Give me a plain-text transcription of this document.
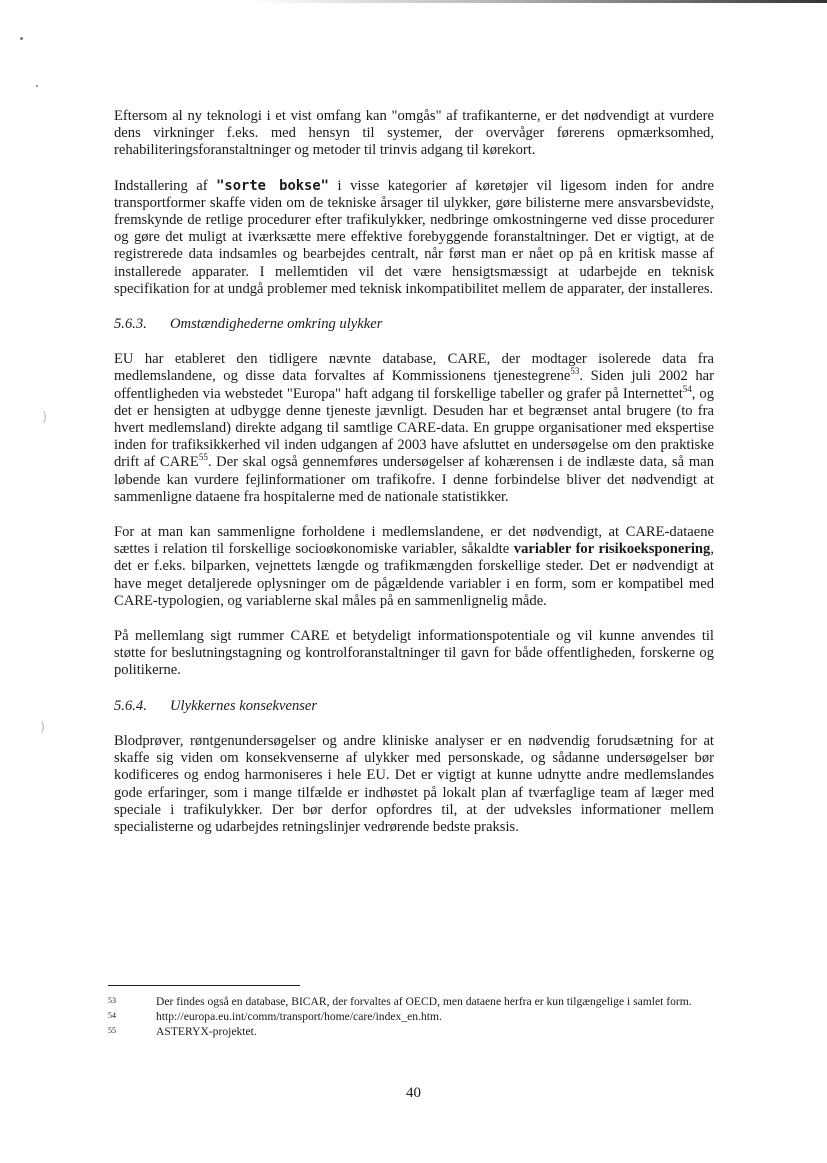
)
)

Eftersom al ny teknologi i et vist omfang kan "omgås" af trafikanterne, er det nødvendigt at vurdere dens virkninger f.eks. med hensyn til systemer, der overvåger førerens opmærksomhed, rehabiliteringsforanstaltninger og metoder til trinvis adgang til kørekort.

Indstallering af "sorte bokse" i visse kategorier af køretøjer vil ligesom inden for andre transportformer skaffe viden om de tekniske årsager til ulykker, gøre bilisterne mere ansvarsbevidste, fremskynde de retlige procedurer efter trafikulykker, nedbringe omkostningerne ved disse procedurer og gøre det muligt at iværksætte mere effektive forebyggende foranstaltninger. Det er vigtigt, at de registrerede data indsamles og bearbejdes centralt, når først man er nået op på en kritisk masse af installerede apparater. I mellemtiden vil det være hensigtsmæssigt at udarbejde en teknisk specifikation for at undgå problemer med teknisk inkompatibilitet mellem de apparater, der installeres.

5.6.3. Omstændighederne omkring ulykker

EU har etableret den tidligere nævnte database, CARE, der modtager isolerede data fra medlemslandene, og disse data forvaltes af Kommissionens tjenestegrene$^{53}$. Siden juli 2002 har offentligheden via webstedet "Europa" haft adgang til forskellige tabeller og grafer på Internettet$^{54}$, og det er hensigten at udbygge denne tjeneste jævnligt. Desuden har et begrænset antal brugere (to fra hvert medlemsland) direkte adgang til samtlige CARE-data. En gruppe organisationer med ekspertise inden for trafiksikkerhed vil inden udgangen af 2003 have afsluttet en undersøgelse om den praktiske drift af CARE$^{55}$. Der skal også gennemføres undersøgelser af kohærensen i de indlæste data, så man løbende kan vurdere fejlinformationer om trafikofre. I denne forbindelse bliver det nødvendigt at sammenligne dataene fra hospitalerne med de nationale statistikker.

For at man kan sammenligne forholdene i medlemslandene, er det nødvendigt, at CARE-dataene sættes i relation til forskellige socioøkonomiske variabler, såkaldte variabler for risikoeksponering, det er f.eks. bilparken, vejnettets længde og trafikmængden forskellige steder. Det er nødvendigt at have meget detaljerede oplysninger om de pågældende variabler i en form, som er kompatibel med CARE-typologien, og variablerne skal måles på en sammenlignelig måde.

På mellemlang sigt rummer CARE et betydeligt informationspotentiale og vil kunne anvendes til støtte for beslutningstagning og kontrolforanstaltninger til gavn for både offentligheden, forskerne og politikerne.

5.6.4. Ulykkernes konsekvenser

Blodprøver, røntgenundersøgelser og andre kliniske analyser er en nødvendig forudsætning for at skaffe sig viden om konsekvenserne af ulykker med personskade, og sådanne undersøgelser bør kodificeres og endog harmoniseres i hele EU. Det er vigtigt at kunne udnytte andre medlemslandes gode erfaringer, som i mange tilfælde er indhøstet på lokalt plan af tværfaglige team af læger med speciale i trafikulykker. Der bør derfor opfordres til, at der udveksles informationer mellem specialisterne og udarbejdes retningslinjer vedrørende bedste praksis.

53	Der findes også en database, BICAR, der forvaltes af OECD, men dataene herfra er kun tilgængelige i samlet form.
54	http://europa.eu.int/comm/transport/home/care/index_en.htm.
55	ASTERYX-projektet.
40
